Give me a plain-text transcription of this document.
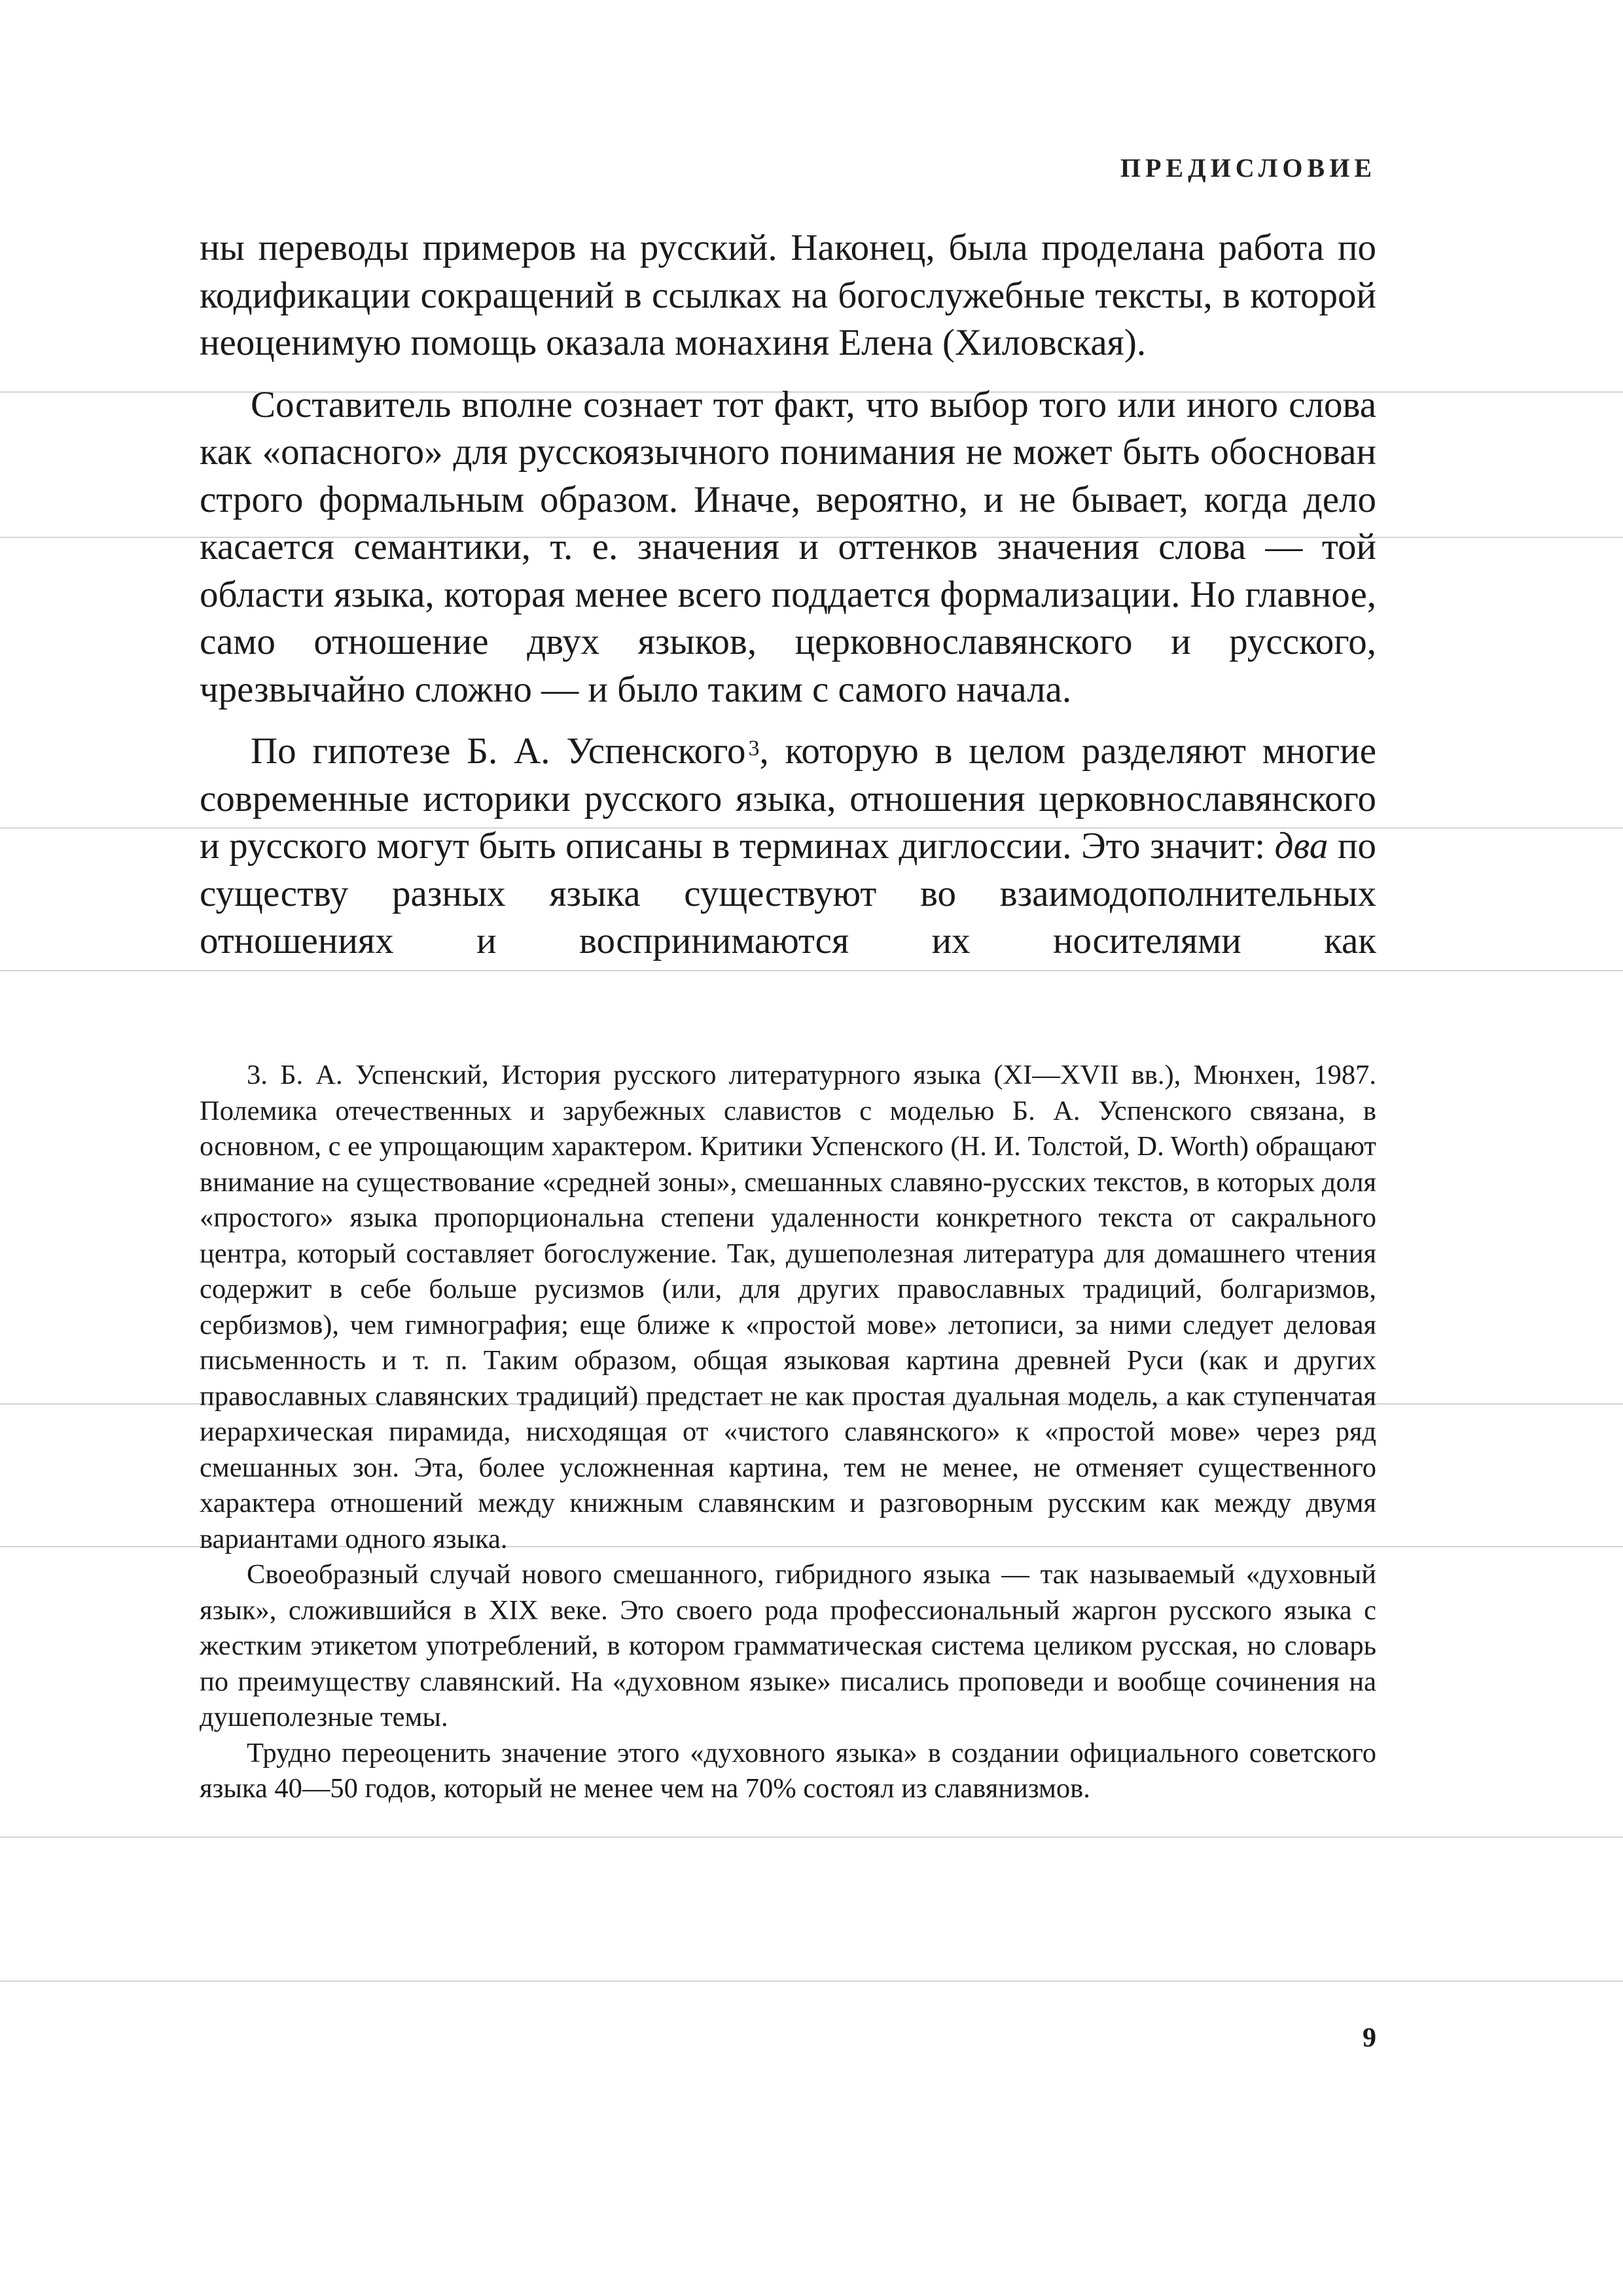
ПРЕДИСЛОВИЕ

ны переводы примеров на русский. Наконец, была проделана работа по кодификации сокращений в ссылках на богослужебные тексты, в которой неоценимую помощь оказала монахиня Елена (Хиловская).

Составитель вполне сознает тот факт, что выбор того или иного слова как «опасного» для русскоязычного понимания не может быть обоснован строго формальным образом. Иначе, вероятно, и не бывает, когда дело касается семантики, т. е. значения и оттенков значения слова — той области языка, которая менее всего поддается формализации. Но главное, само отношение двух языков, церковнославянского и русского, чрезвычайно сложно — и было таким с самого начала.

По гипотезе Б. А. Успенского $^3$, которую в целом разделяют многие современные историки русского языка, отношения церковнославянского и русского могут быть описаны в терминах диглоссии. Это значит: два по существу разных языка существуют во взаимодополнительных отношениях и воспринимаются их носителями как

3. Б. А. Успенский, История русского литературного языка (XI—XVII вв.), Мюнхен, 1987. Полемика отечественных и зарубежных славистов с моделью Б. А. Успенского связана, в основном, с ее упрощающим характером. Критики Успенского (Н. И. Толстой, D. Worth) обращают внимание на существование «средней зоны», смешанных славяно-русских текстов, в которых доля «простого» языка пропорциональна степени удаленности конкретного текста от сакрального центра, который составляет богослужение. Так, душеполезная литература для домашнего чтения содержит в себе больше русизмов (или, для других православных традиций, болгаризмов, сербизмов), чем гимнография; еще ближе к «простой мове» летописи, за ними следует деловая письменность и т. п. Таким образом, общая языковая картина древней Руси (как и других православных славянских традиций) предстает не как простая дуальная модель, а как ступенчатая иерархическая пирамида, нисходящая от «чистого славянского» к «простой мове» через ряд смешанных зон. Эта, более усложненная картина, тем не менее, не отменяет существенного характера отношений между книжным славянским и разговорным русским как между двумя вариантами одного языка.

Своеобразный случай нового смешанного, гибридного языка — так называемый «духовный язык», сложившийся в XIX веке. Это своего рода профессиональный жаргон русского языка с жестким этикетом употреблений, в котором грамматическая система целиком русская, но словарь по преимуществу славянский. На «духовном языке» писались проповеди и вообще сочинения на душеполезные темы.

Трудно переоценить значение этого «духовного языка» в создании официального советского языка 40—50 годов, который не менее чем на 70% состоял из славянизмов.

9
